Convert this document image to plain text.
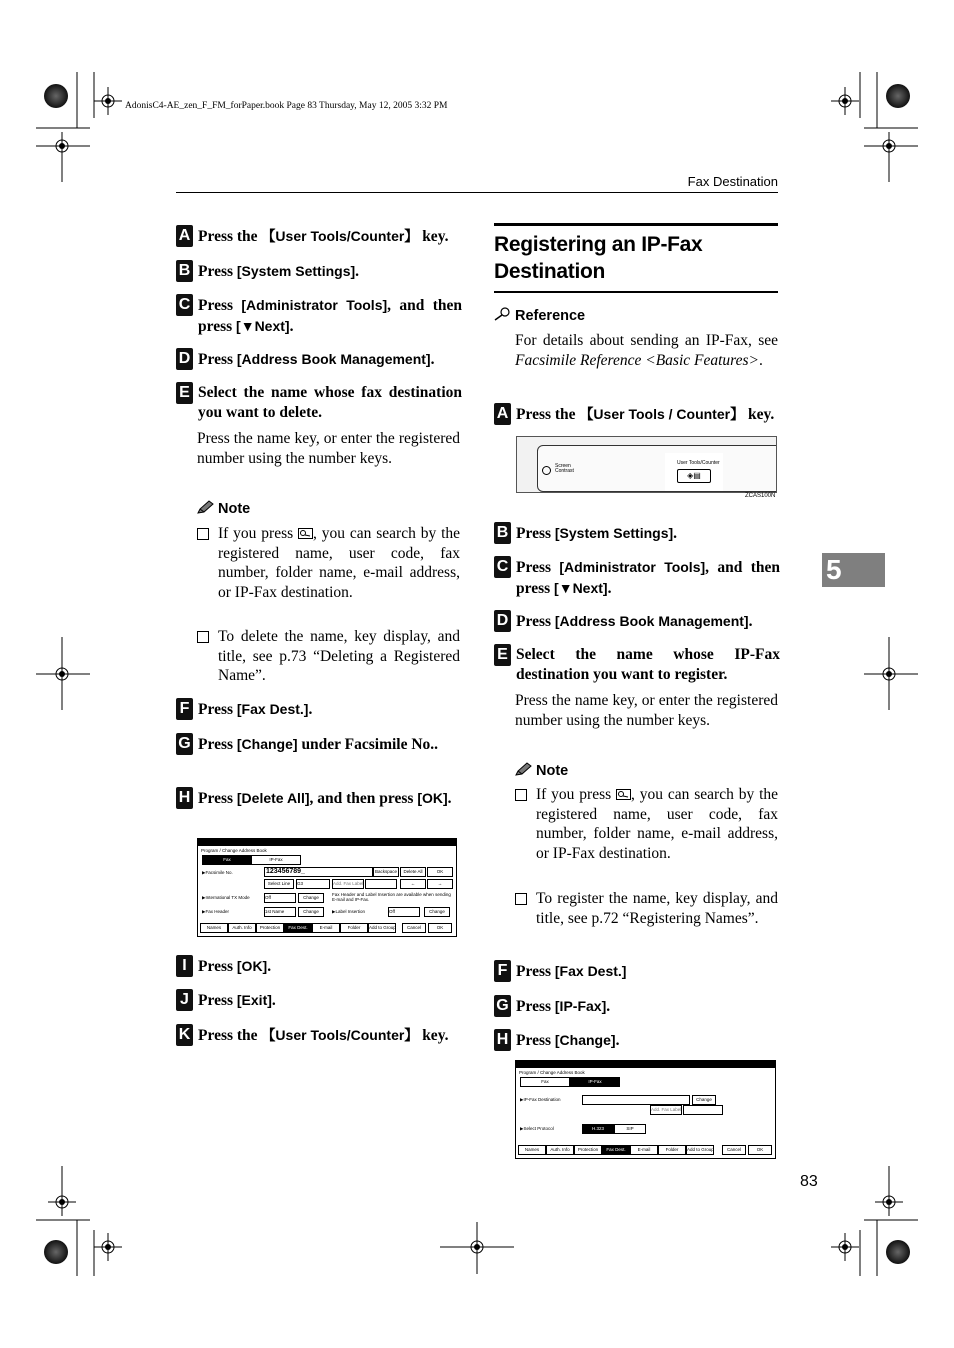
AdonisC4-AE_zen_F_FM_forPaper.book Page 83 Thursday, May 12, 2005 3:32 PM
Fax Destination
5
A Press the 【User Tools/Counter】 key.
B Press [System Settings].
C Press [Administrator Tools], and then press [▼Next].
D Press [Address Book Management].
E Select the name whose fax destination you want to delete.
Press the name key, or enter the registered number using the number keys.
Note
If you press , you can search by the registered name, user code, fax number, folder name, e-mail address, or IP-Fax destination.
To delete the name, key display, and title, see p.73 “Deleting a Registered Name”.
F Press [Fax Dest.].
G Press [Change] under Facsimile No..
H Press [Delete All], and then press [OK].
Program / Change Address Book
Fax	IP-Fax
▶Facsimile No.	123456789_	Backspace	Delete All	OK
Select Line	G3	Add. Fax Label	←	→
▶International TX Mode	Off	Change
Fax Header and Label Insertion are available when sending E-mail and IP-Fax.
▶Fax Header	1st Name	Change	▶Label Insertion	Off	Change
Names	Auth. Info	Protection	Fax Dest.	E-mail	Folder	Add to Group	Cancel	OK
I Press [OK].
J Press [Exit].
K Press the 【User Tools/Counter】 key.
Registering an IP-Fax Destination
Reference
For details about sending an IP-Fax, see Facsimile Reference <Basic Features>.
A Press the 【User Tools / Counter】 key.
Screen Contrast
User Tools/Counter
◈▤
ZCAS100N
B Press [System Settings].
C Press [Administrator Tools], and then press [▼Next].
D Press [Address Book Management].
E Select the name whose IP-Fax destination you want to register.
Press the name key, or enter the registered number using the number keys.
Note
If you press , you can search by the registered name, user code, fax number, folder name, e-mail address, or IP-Fax destination.
To register the name, key display, and title, see p.72 “Registering Names”.
F Press [Fax Dest.]
G Press [IP-Fax].
H Press [Change].
Program / Change Address Book
Fax	IP-Fax
▶IP-Fax Destination	Change
Add. Fax Label
▶Select Protocol	H.323	SIP
Names	Auth. Info	Protection	Fax Dest.	E-mail	Folder	Add to Group	Cancel	OK
83
